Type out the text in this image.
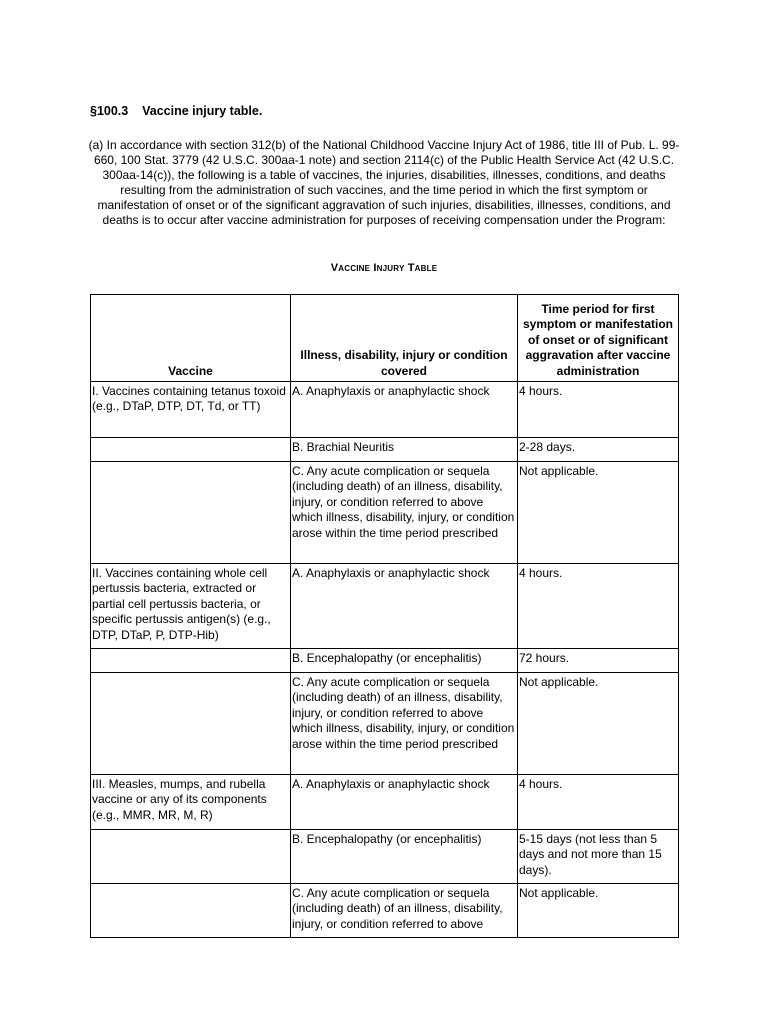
§100.3    Vaccine injury table.
(a) In accordance with section 312(b) of the National Childhood Vaccine Injury Act of 1986, title III of Pub. L. 99-660, 100 Stat. 3779 (42 U.S.C. 300aa-1 note) and section 2114(c) of the Public Health Service Act (42 U.S.C. 300aa-14(c)), the following is a table of vaccines, the injuries, disabilities, illnesses, conditions, and deaths resulting from the administration of such vaccines, and the time period in which the first symptom or manifestation of onset or of the significant aggravation of such injuries, disabilities, illnesses, conditions, and deaths is to occur after vaccine administration for purposes of receiving compensation under the Program:
Vaccine Injury Table
Vaccine	Illness, disability, injury or condition covered	Time period for first symptom or manifestation of onset or of significant aggravation after vaccine administration
I. Vaccines containing tetanus toxoid (e.g., DTaP, DTP, DT, Td, or TT)	A. Anaphylaxis or anaphylactic shock	4 hours.
	B. Brachial Neuritis	2-28 days.
	C. Any acute complication or sequela (including death) of an illness, disability, injury, or condition referred to above which illness, disability, injury, or condition arose within the time period prescribed	Not applicable.
II. Vaccines containing whole cell pertussis bacteria, extracted or partial cell pertussis bacteria, or specific pertussis antigen(s) (e.g., DTP, DTaP, P, DTP-Hib)	A. Anaphylaxis or anaphylactic shock	4 hours.
	B. Encephalopathy (or encephalitis)	72 hours.
	C. Any acute complication or sequela (including death) of an illness, disability, injury, or condition referred to above which illness, disability, injury, or condition arose within the time period prescribed	Not applicable.
III. Measles, mumps, and rubella vaccine or any of its components (e.g., MMR, MR, M, R)	A. Anaphylaxis or anaphylactic shock	4 hours.
	B. Encephalopathy (or encephalitis)	5-15 days (not less than 5 days and not more than 15 days).
	C. Any acute complication or sequela (including death) of an illness, disability, injury, or condition referred to above	Not applicable.
